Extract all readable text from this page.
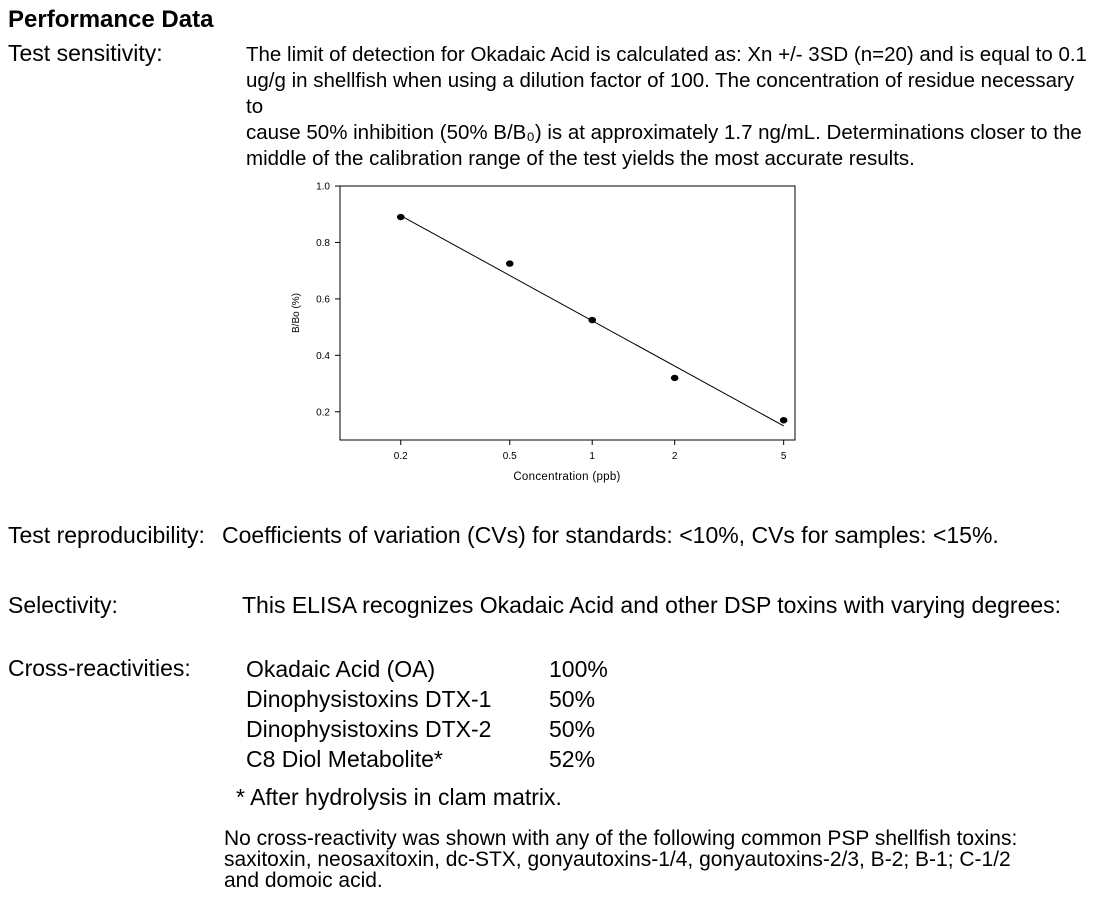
Performance Data
Test sensitivity:	The limit of detection for Okadaic Acid is calculated as: Xn +/- 3SD (n=20) and is equal to 0.1
ug/g in shellfish when using a dilution factor of 100. The concentration of residue necessary to
cause 50% inhibition (50% B/B₀) is at approximately 1.7 ng/mL. Determinations closer to the
middle of the calibration range of the test yields the most accurate results.
0.2
0.4
0.6
0.8
1.0
0.2	0.5	1	2	5
Concentration (ppb)
B/Bo (%)
Test reproducibility: Coefficients of variation (CVs) for standards: <10%, CVs for samples: <15%.
Selectivity:	This ELISA recognizes Okadaic Acid and other DSP toxins with varying degrees:
Cross-reactivities: Okadaic Acid (OA)	100%
Dinophysistoxins DTX-1	50%
Dinophysistoxins DTX-2	50%
C8 Diol Metabolite*	52%
* After hydrolysis in clam matrix.
No cross-reactivity was shown with any of the following common PSP shellfish toxins:
saxitoxin, neosaxitoxin, dc-STX, gonyautoxins-1/4, gonyautoxins-2/3, B-2; B-1; C-1/2
and domoic acid.
